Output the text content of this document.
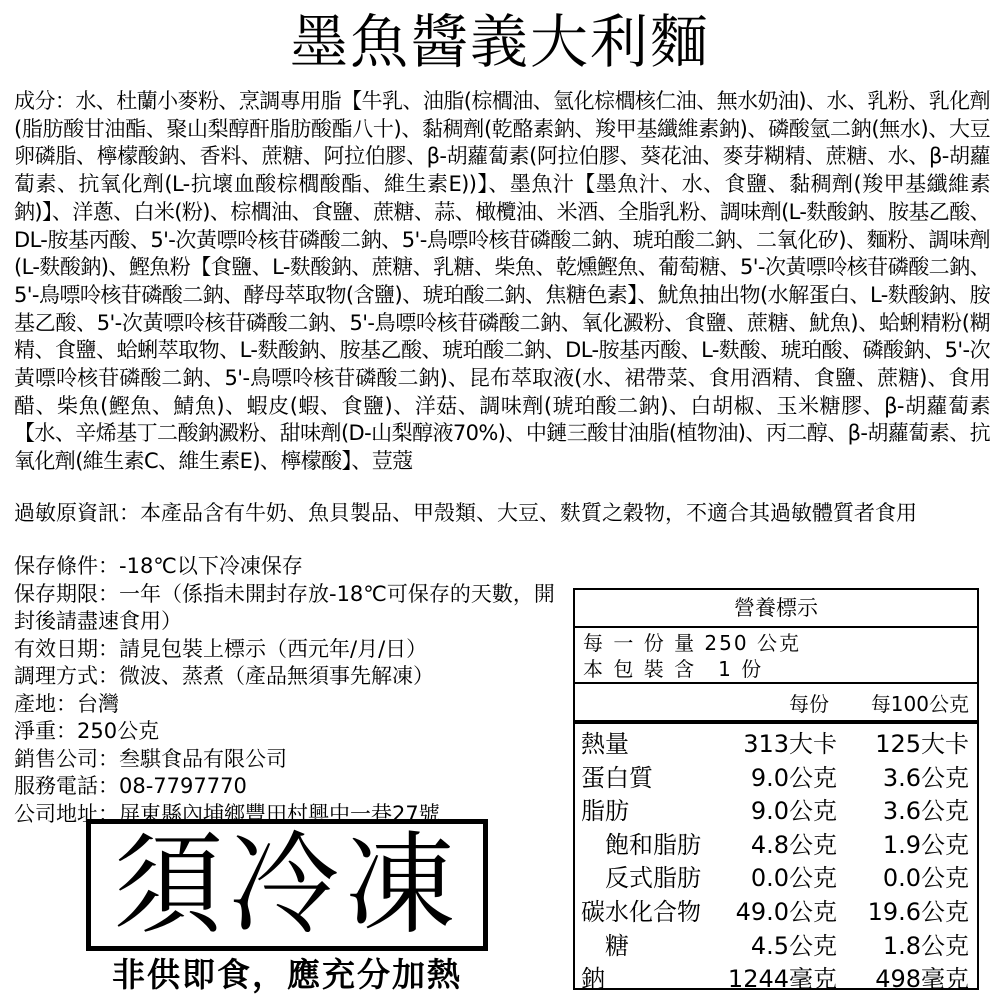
墨魚醬義大利麵

成分：水、杜蘭小麥粉、烹調專用脂【牛乳、油脂(棕櫚油、氫化棕櫚核仁油、無水奶油)、水、乳粉、乳化劑(脂肪酸甘油酯、聚山梨醇酐脂肪酸酯八十)、黏稠劑(乾酪素鈉、羧甲基纖維素鈉)、磷酸氫二鈉(無水)、大豆卵磷脂、檸檬酸鈉、香料、蔗糖、阿拉伯膠、β-胡蘿蔔素(阿拉伯膠、葵花油、麥芽糊精、蔗糖、水、β-胡蘿蔔素、抗氧化劑(L-抗壞血酸棕櫚酸酯、維生素E))】、墨魚汁【墨魚汁、水、食鹽、黏稠劑(羧甲基纖維素鈉)】、洋蔥、白米(粉)、棕櫚油、食鹽、蔗糖、蒜、橄欖油、米酒、全脂乳粉、調味劑(L-麩酸鈉、胺基乙酸、DL-胺基丙酸、5'-次黃嘌呤核苷磷酸二鈉、5'-鳥嘌呤核苷磷酸二鈉、琥珀酸二鈉、二氧化矽)、麵粉、調味劑(L-麩酸鈉)、鰹魚粉【食鹽、L-麩酸鈉、蔗糖、乳糖、柴魚、乾燻鰹魚、葡萄糖、5'-次黃嘌呤核苷磷酸二鈉、5'-鳥嘌呤核苷磷酸二鈉、酵母萃取物(含鹽)、琥珀酸二鈉、焦糖色素】、魷魚抽出物(水解蛋白、L-麩酸鈉、胺基乙酸、5'-次黃嘌呤核苷磷酸二鈉、5'-鳥嘌呤核苷磷酸二鈉、氧化澱粉、食鹽、蔗糖、魷魚)、蛤蜊精粉(糊精、食鹽、蛤蜊萃取物、L-麩酸鈉、胺基乙酸、琥珀酸二鈉、DL-胺基丙酸、L-麩酸、琥珀酸、磷酸鈉、5'-次黃嘌呤核苷磷酸二鈉、5'-鳥嘌呤核苷磷酸二鈉)、昆布萃取液(水、裙帶菜、食用酒精、食鹽、蔗糖)、食用醋、柴魚(鰹魚、鯖魚)、蝦皮(蝦、食鹽)、洋菇、調味劑(琥珀酸二鈉)、白胡椒、玉米糖膠、β-胡蘿蔔素【水、辛烯基丁二酸鈉澱粉、甜味劑(D-山梨醇液70%)、中鏈三酸甘油脂(植物油)、丙二醇、β-胡蘿蔔素、抗氧化劑(維生素C、維生素E)、檸檬酸】、荳蔻

過敏原資訊：本產品含有牛奶、魚貝製品、甲殼類、大豆、麩質之穀物，不適合其過敏體質者食用

保存條件：-18℃以下冷凍保存
保存期限：一年（係指未開封存放-18℃可保存的天數，開封後請盡速食用）
有效日期：請見包裝上標示（西元年/月/日）
調理方式：微波、蒸煮（產品無須事先解凍）
產地：台灣
淨重：250公克
銷售公司：叁騏食品有限公司
服務電話：08-7797770
公司地址：屏東縣內埔鄉豐田村興中一巷27號
須冷凍
非供即食，應充分加熱
營養標示
每 一 份 量 250 公克
本 包 裝 含　1 份
每份 每100公克
熱量	313大卡 125大卡
蛋白質	9.0公克 3.6公克
脂肪	9.0公克 3.6公克
飽和脂肪 4.8公克 1.9公克
反式脂肪 0.0公克 0.0公克
碳水化合物 49.0公克 19.6公克
糖	4.5公克 1.8公克
鈉	1244毫克 498毫克
